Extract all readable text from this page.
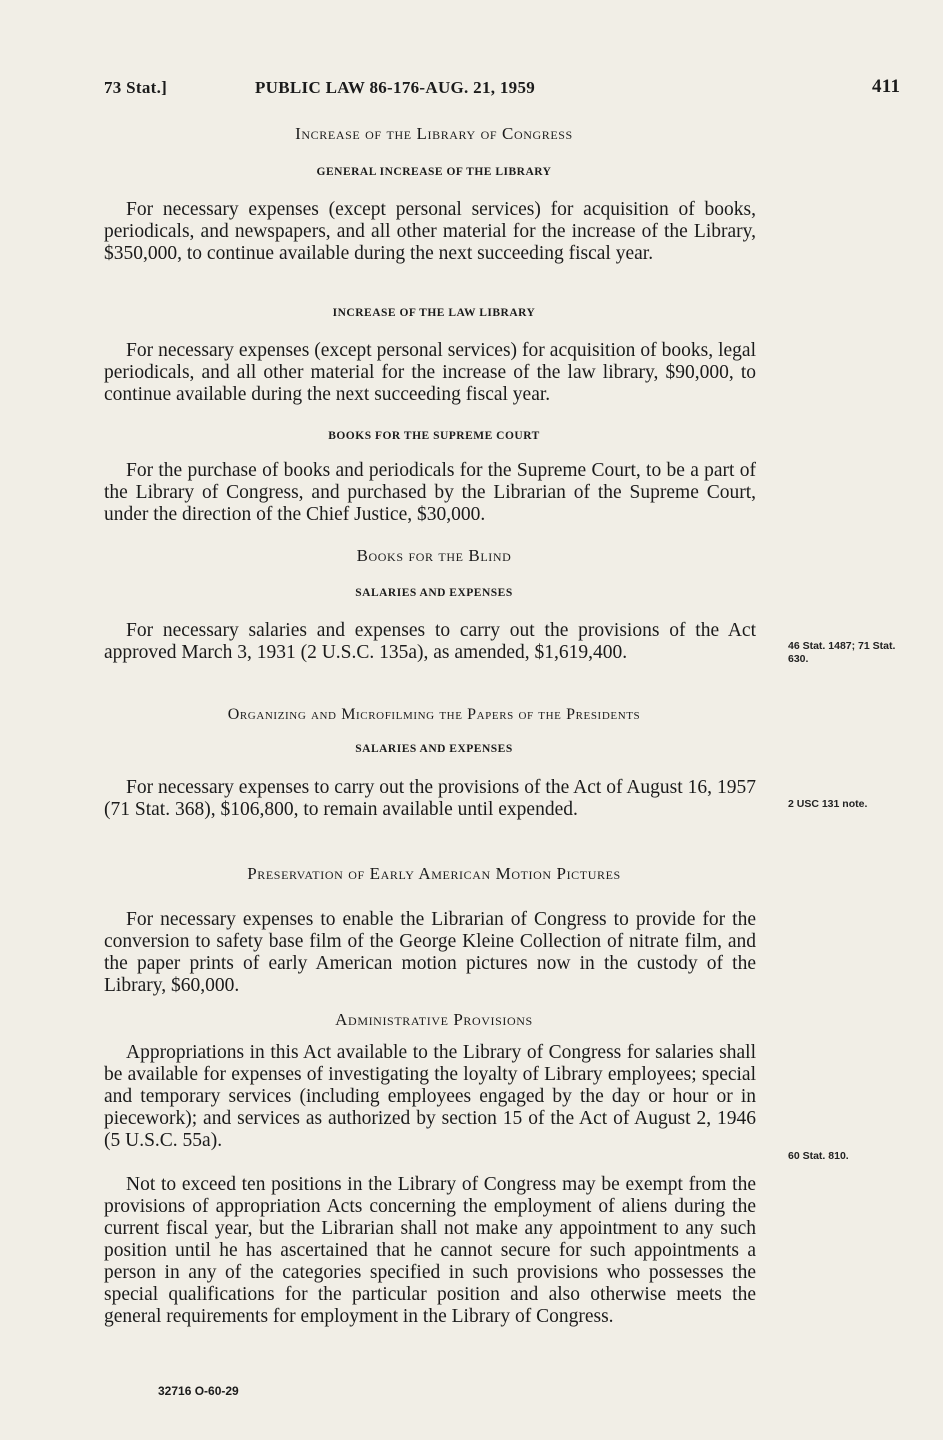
73 Stat.]	PUBLIC LAW 86-176-AUG. 21, 1959	411
Increase of the Library of Congress
GENERAL INCREASE OF THE LIBRARY
For necessary expenses (except personal services) for acquisition of books, periodicals, and newspapers, and all other material for the increase of the Library, $350,000, to continue available during the next succeeding fiscal year.
INCREASE OF THE LAW LIBRARY
For necessary expenses (except personal services) for acquisition of books, legal periodicals, and all other material for the increase of the law library, $90,000, to continue available during the next succeeding fiscal year.
BOOKS FOR THE SUPREME COURT
For the purchase of books and periodicals for the Supreme Court, to be a part of the Library of Congress, and purchased by the Librarian of the Supreme Court, under the direction of the Chief Justice, $30,000.
Books for the Blind
SALARIES AND EXPENSES
For necessary salaries and expenses to carry out the provisions of the Act approved March 3, 1931 (2 U.S.C. 135a), as amended, $1,619,400.	46 Stat. 1487; 71 Stat. 630.
Organizing and Microfilming the Papers of the Presidents
SALARIES AND EXPENSES
For necessary expenses to carry out the provisions of the Act of August 16, 1957 (71 Stat. 368), $106,800, to remain available until expended.	2 USC 131 note.
Preservation of Early American Motion Pictures
For necessary expenses to enable the Librarian of Congress to provide for the conversion to safety base film of the George Kleine Collection of nitrate film, and the paper prints of early American motion pictures now in the custody of the Library, $60,000.
Administrative Provisions
Appropriations in this Act available to the Library of Congress for salaries shall be available for expenses of investigating the loyalty of Library employees; special and temporary services (including employees engaged by the day or hour or in piecework); and services as authorized by section 15 of the Act of August 2, 1946 (5 U.S.C. 55a).
60 Stat. 810.
Not to exceed ten positions in the Library of Congress may be exempt from the provisions of appropriation Acts concerning the employment of aliens during the current fiscal year, but the Librarian shall not make any appointment to any such position until he has ascertained that he cannot secure for such appointments a person in any of the categories specified in such provisions who possesses the special qualifications for the particular position and also otherwise meets the general requirements for employment in the Library of Congress.
32716 O-60-29
